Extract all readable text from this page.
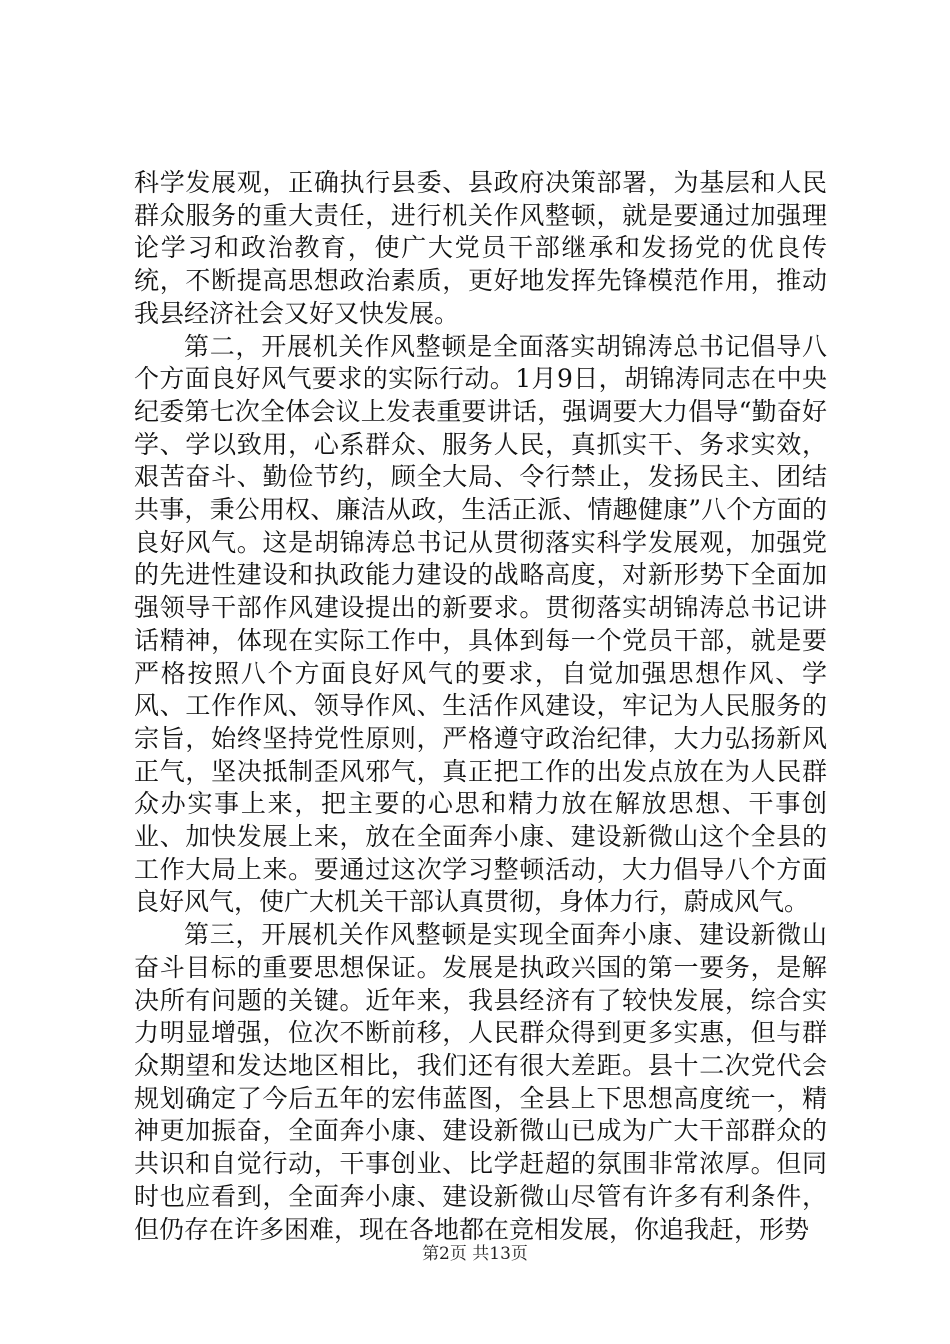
科学发展观，正确执行县委、县政府决策部署，为基层和人民群众服务的重大责任，进行机关作风整顿，就是要通过加强理论学习和政治教育，使广大党员干部继承和发扬党的优良传统，不断提高思想政治素质，更好地发挥先锋模范作用，推动我县经济社会又好又快发展。

第二，开展机关作风整顿是全面落实胡锦涛总书记倡导八个方面良好风气要求的实际行动。1月9日，胡锦涛同志在中央纪委第七次全体会议上发表重要讲话，强调要大力倡导“勤奋好学、学以致用，心系群众、服务人民，真抓实干、务求实效，艰苦奋斗、勤俭节约，顾全大局、令行禁止，发扬民主、团结共事，秉公用权、廉洁从政，生活正派、情趣健康”八个方面的良好风气。这是胡锦涛总书记从贯彻落实科学发展观，加强党的先进性建设和执政能力建设的战略高度，对新形势下全面加强领导干部作风建设提出的新要求。贯彻落实胡锦涛总书记讲话精神，体现在实际工作中，具体到每一个党员干部，就是要严格按照八个方面良好风气的要求，自觉加强思想作风、学风、工作作风、领导作风、生活作风建设，牢记为人民服务的宗旨，始终坚持党性原则，严格遵守政治纪律，大力弘扬新风正气，坚决抵制歪风邪气，真正把工作的出发点放在为人民群众办实事上来，把主要的心思和精力放在解放思想、干事创业、加快发展上来，放在全面奔小康、建设新微山这个全县的工作大局上来。要通过这次学习整顿活动，大力倡导八个方面良好风气，使广大机关干部认真贯彻，身体力行，蔚成风气。

第三，开展机关作风整顿是实现全面奔小康、建设新微山奋斗目标的重要思想保证。发展是执政兴国的第一要务，是解决所有问题的关键。近年来，我县经济有了较快发展，综合实力明显增强，位次不断前移，人民群众得到更多实惠，但与群众期望和发达地区相比，我们还有很大差距。县十二次党代会规划确定了今后五年的宏伟蓝图，全县上下思想高度统一，精神更加振奋，全面奔小康、建设新微山已成为广大干部群众的共识和自觉行动，干事创业、比学赶超的氛围非常浓厚。但同时也应看到，全面奔小康、建设新微山尽管有许多有利条件，但仍存在许多困难，现在各地都在竞相发展，你追我赶，形势

第2页 共13页
